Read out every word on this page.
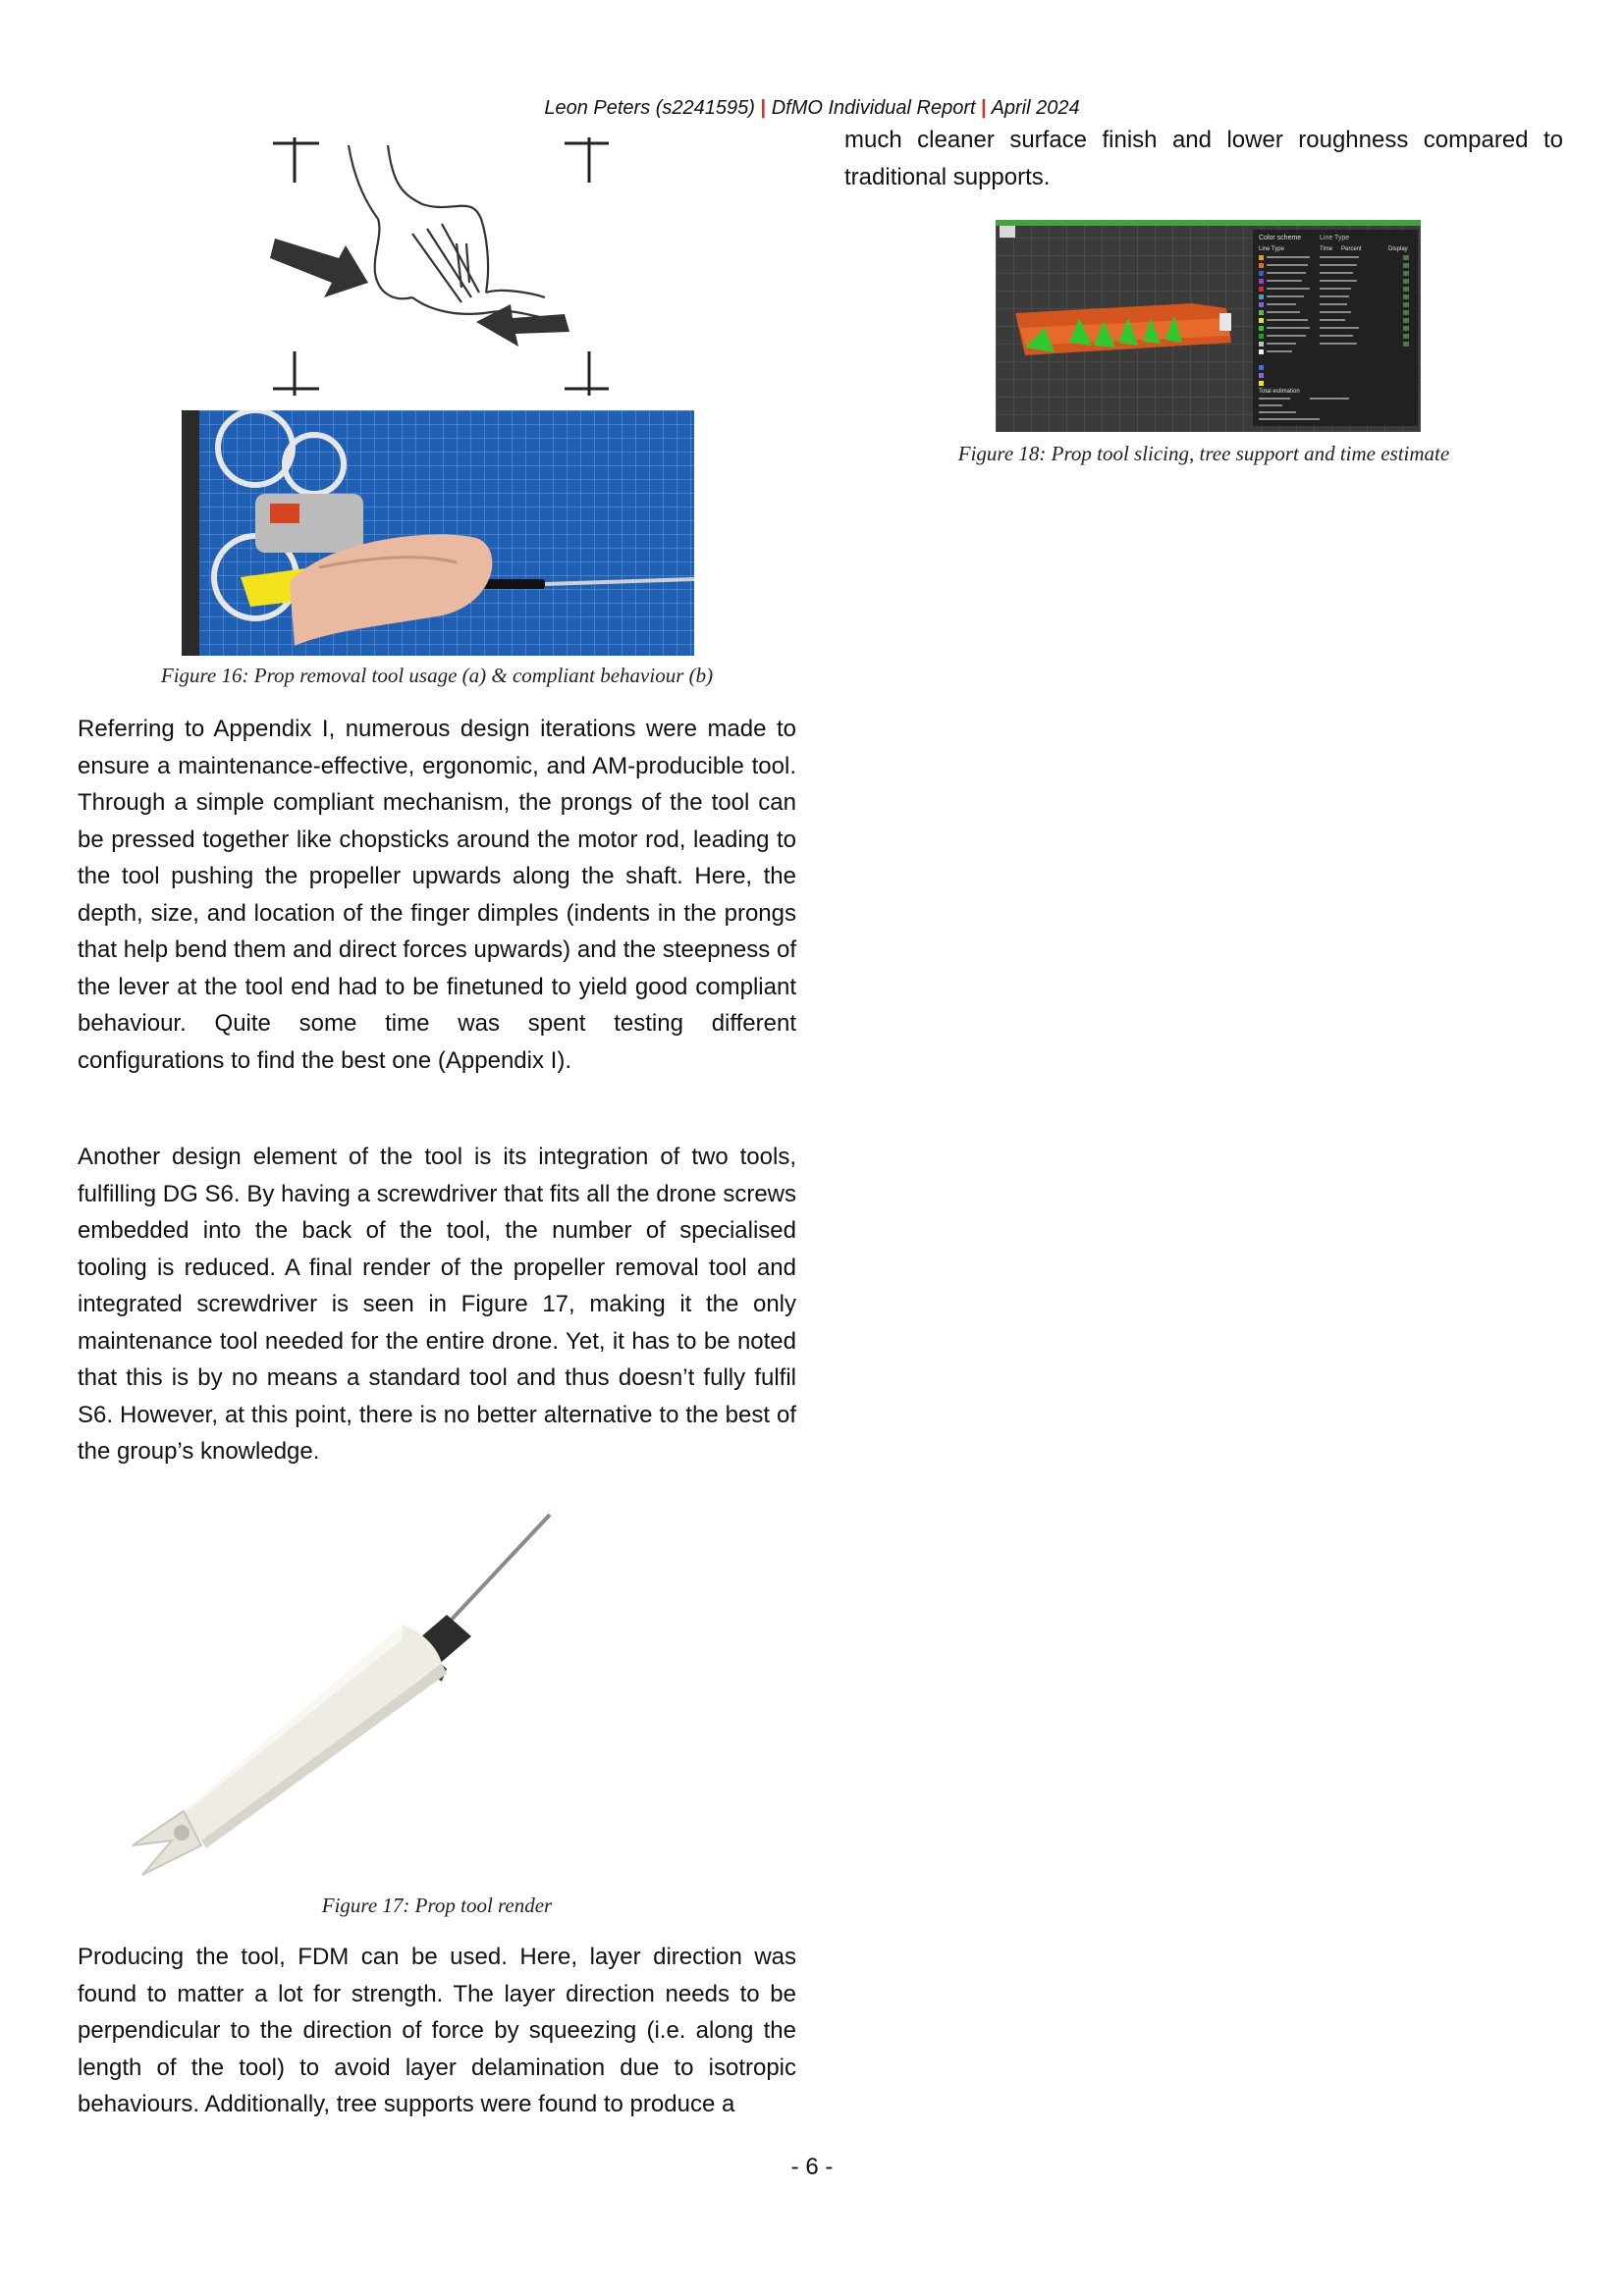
Leon Peters (s2241595) | DfMO Individual Report | April 2024
Figure 16: Prop removal tool usage (a) & compliant behaviour (b)

Referring to Appendix I, numerous design iterations were made to ensure a maintenance-effective, ergonomic, and AM-producible tool. Through a simple compliant mechanism, the prongs of the tool can be pressed together like chopsticks around the motor rod, leading to the tool pushing the propeller upwards along the shaft. Here, the depth, size, and location of the finger dimples (indents in the prongs that help bend them and direct forces upwards) and the steepness of the lever at the tool end had to be finetuned to yield good compliant behaviour. Quite some time was spent testing different configurations to find the best one (Appendix I).

Another design element of the tool is its integration of two tools, fulfilling DG S6. By having a screwdriver that fits all the drone screws embedded into the back of the tool, the number of specialised tooling is reduced. A final render of the propeller removal tool and integrated screwdriver is seen in Figure 17, making it the only maintenance tool needed for the entire drone. Yet, it has to be noted that this is by no means a standard tool and thus doesn’t fully fulfil S6. However, at this point, there is no better alternative to the best of the group’s knowledge.

Figure 17: Prop tool render

Producing the tool, FDM can be used. Here, layer direction was found to matter a lot for strength. The layer direction needs to be perpendicular to the direction of force by squeezing (i.e. along the length of the tool) to avoid layer delamination due to isotropic behaviours. Additionally, tree supports were found to produce a

much cleaner surface finish and lower roughness compared to traditional supports.

Color scheme	Line Type
Line Type	Time Percent	Display
Total estimation
Figure 18: Prop tool slicing, tree support and time estimate
- 6 -
